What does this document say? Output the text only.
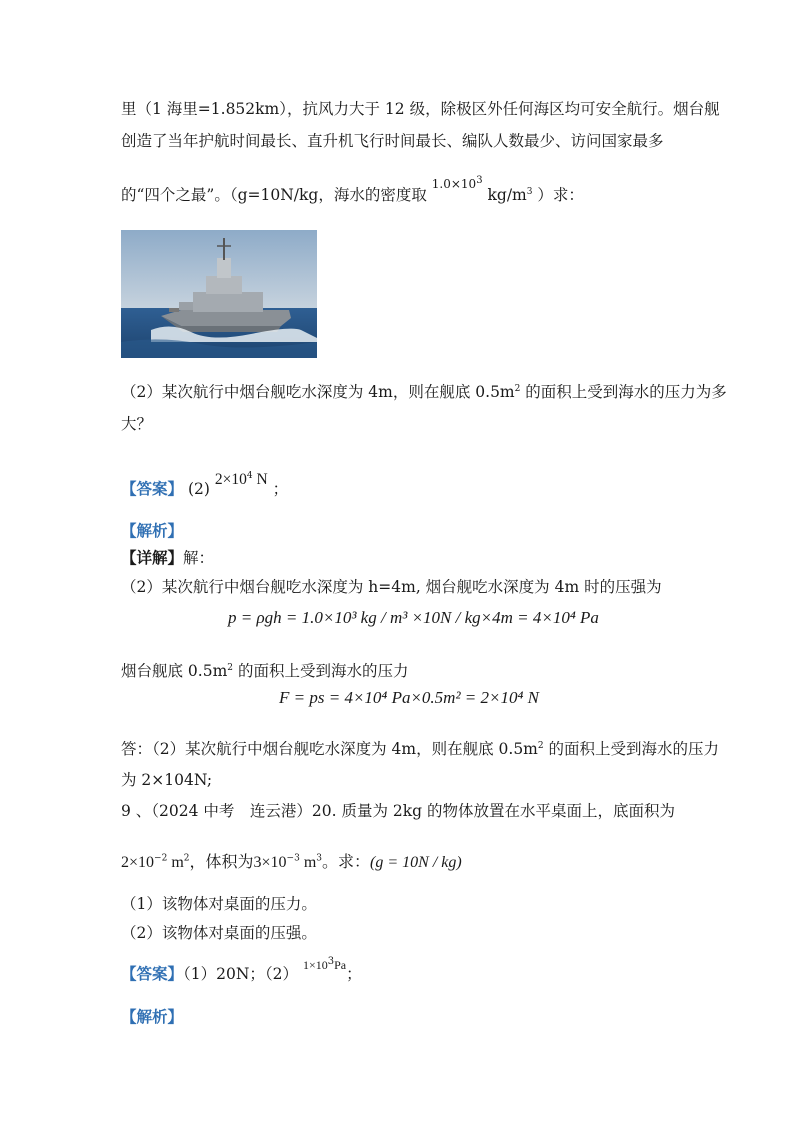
里（1 海里=1.852km），抗风力大于 12 级，除极区外任何海区均可安全航行。烟台舰
创造了当年护航时间最长、直升机飞行时间最长、编队人数最少、访问国家最多
的“四个之最”。（g=10N/kg，海水的密度取 $^{1.0\times 10^3}$ $kg/m^3$ ）求：
（2）某次航行中烟台舰吃水深度为 4m，则在舰底 $0.5m^2$ 的面积上受到海水的压力为多
大？
【答案】 (2) $2\times 10^4$ N ；
【解析】
【详解】解：
（2）某次航行中烟台舰吃水深度为 h=4m, 烟台舰吃水深度为 4m 时的压强为
p = ρgh = 1.0×10³ kg / m³ ×10N / kg×4m = 4×10⁴ Pa
烟台舰底 $0.5m^2$ 的面积上受到海水的压力
F = ps = 4×10⁴ Pa×0.5m² = 2×10⁴ N
答：（2）某次航行中烟台舰吃水深度为 4m，则在舰底 $0.5m^2$ 的面积上受到海水的压力
为 2×104N;
9 、（2024 中考　连云港）20. 质量为 2kg 的物体放置在水平桌面上，底面积为
$2\times 10^{-2}$ $m^2$，体积为$3\times 10^{-3}$ $m^3$。求：(g = 10N / kg)
（1）该物体对桌面的压力。
（2）该物体对桌面的压强。
【答案】（1）20N；（2） $^{1\times 10^3Pa}$；
【解析】
